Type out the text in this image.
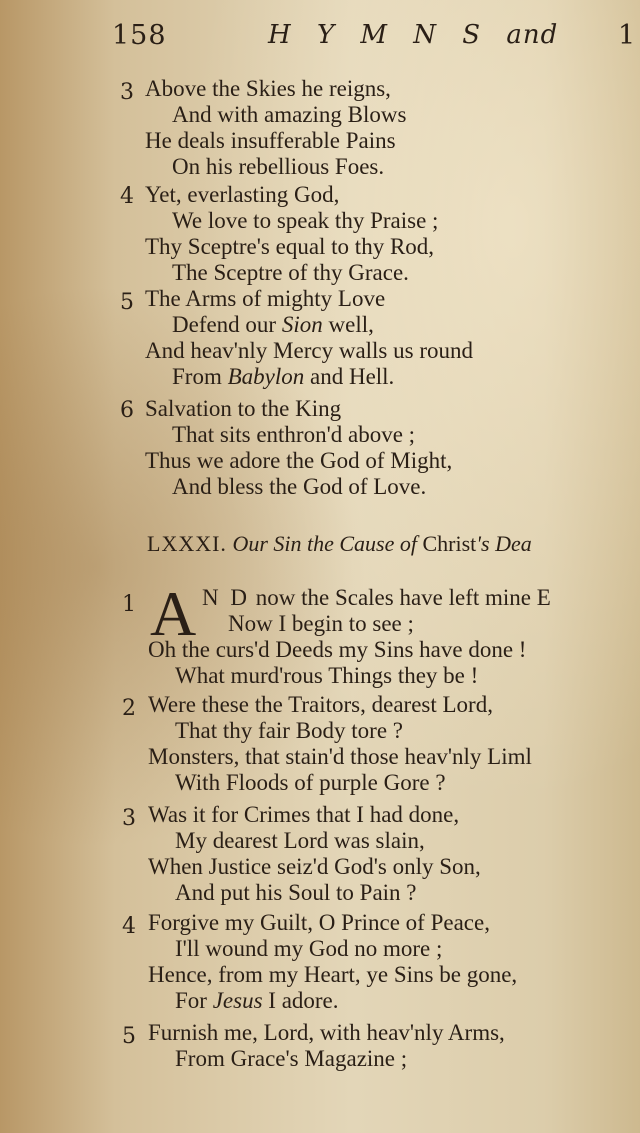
158	H Y M N S and 1
3 Above the Skies he reigns,
And with amazing Blows
He deals insufferable Pains
On his rebellious Foes.
4 Yet, everlasting God,
We love to speak thy Praise ;
Thy Sceptre's equal to thy Rod,
The Sceptre of thy Grace.
5 The Arms of mighty Love
Defend our Sion well,
And heav'nly Mercy walls us round
From Babylon and Hell.
6 Salvation to the King
That sits enthron'd above ;
Thus we adore the God of Might,
And bless the God of Love.
LXXXI. Our Sin the Cause of Christ's Dea
1 A N D now the Scales have left mine E
Now I begin to see ;
Oh the curs'd Deeds my Sins have done !
What murd'rous Things they be !
2 Were these the Traitors, dearest Lord,
That thy fair Body tore ?
Monsters, that stain'd those heav'nly Liml
With Floods of purple Gore ?
3 Was it for Crimes that I had done,
My dearest Lord was slain,
When Justice seiz'd God's only Son,
And put his Soul to Pain ?
4 Forgive my Guilt, O Prince of Peace,
I'll wound my God no more ;
Hence, from my Heart, ye Sins be gone,
For Jesus I adore.
5 Furnish me, Lord, with heav'nly Arms,
From Grace's Magazine ;
